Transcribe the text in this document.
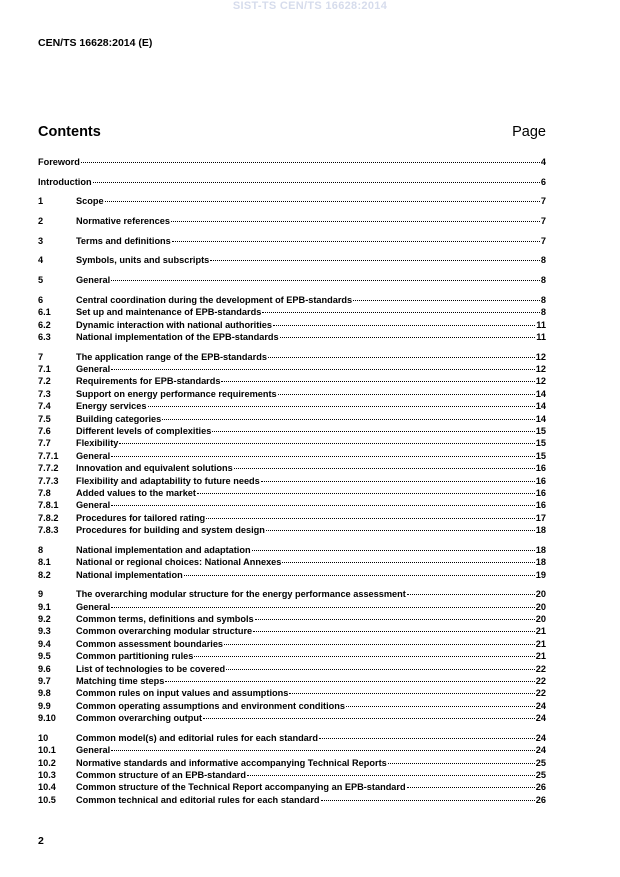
SIST-TS CEN/TS 16628:2014
CEN/TS 16628:2014 (E)
Contents	Page
Foreword	4
Introduction	6
1	Scope	7
2	Normative references	7
3	Terms and definitions	7
4	Symbols, units and subscripts	8
5	General	8
6	Central coordination during the development of EPB-standards	8
6.1	Set up and maintenance of EPB-standards	8
6.2	Dynamic interaction with national authorities	11
6.3	National implementation of the EPB-standards	11
7	The application range of the EPB-standards	12
7.1	General	12
7.2	Requirements for EPB-standards	12
7.3	Support on energy performance requirements	14
7.4	Energy services	14
7.5	Building categories	14
7.6	Different levels of complexities	15
7.7	Flexibility	15
7.7.1	General	15
7.7.2	Innovation and equivalent solutions	16
7.7.3	Flexibility and adaptability to future needs	16
7.8	Added values to the market	16
7.8.1	General	16
7.8.2	Procedures for tailored rating	17
7.8.3	Procedures for building and system design	18
8	National implementation and adaptation	18
8.1	National or regional choices: National Annexes	18
8.2	National implementation	19
9	The overarching modular structure for the energy performance assessment	20
9.1	General	20
9.2	Common terms, definitions and symbols	20
9.3	Common overarching modular structure	21
9.4	Common assessment boundaries	21
9.5	Common partitioning rules	21
9.6	List of technologies to be covered	22
9.7	Matching time steps	22
9.8	Common rules on input values and assumptions	22
9.9	Common operating assumptions and environment conditions	24
9.10	Common overarching output	24
10	Common model(s) and editorial rules for each standard	24
10.1	General	24
10.2	Normative standards and informative accompanying Technical Reports	25
10.3	Common structure of an EPB-standard	25
10.4	Common structure of the Technical Report accompanying an EPB-standard	26
10.5	Common technical and editorial rules for each standard	26
2
